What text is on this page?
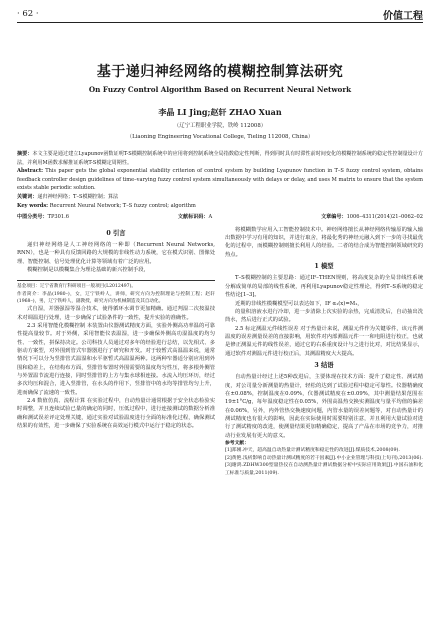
· 62 ·	价值工程
基于递归神经网络的模糊控制算法研究
On Fuzzy Control Algorithm Based on Recurrent Neural Network
李晶 LI Jing;赵轩 ZHAO Xuan
（辽宁工程职业学院，铁岭 112008）
（Liaoning Engineering Vocational College, Tieling 112008, China）
摘要：本文主要是通过建立Lyapunov函数证明T-S模糊控制系统中的应用将到控制系统全局指数稳定性判断，得到同时具有时滞性前时间变化的模糊控制系统的稳定性控制量设计方法，并利用M函数求解推证系统T-S模糊定周期性。
Abstract: This paper gets the global exponential stability criterion of control system by building Lyapunov function in T–S fuzzy control system, obtains feedback controller design guidelines of time–varying fuzzy control system simultaneously with delays or delay, and uses M matrix to ensure that the system exists stable periodic solution.
关键词：递归神经网络；T–S模糊控制；算法
Key words: Recurrent Neural Network; T–S fuzzy control; algorithm
中图分类号：TP301.6	文献标识码：A	文章编号：1006–4311(2014)21–0062–02
0 引言

递归神经网络是人工神经网络的一种即（Recurrent Neural Networks, RNN），也是一种具有反馈回路的大规模的非线性动力系统，它在模式识别、图像处理、智能控制、信号处理优化计算等领域有着广泛的应用。

模糊控制是以模糊集合为理论基础的新兴控制手段，

基金项目：辽宁省教育厅科研项目一般项目(L2012497)。
作者简介：李晶(1980–)，女，辽宁铁岭人，讲师，研究方向为控制理论与控制工程；赵轩(1968–)，男，辽宁铁岭人，副教授，研究方向为机械制造及其自动化。

式自湿，并器强湿等湿合技术，使得循环水调节更加精确。通过判湿二次按温技术对调温进行处理，进一步确保了试验条件的一致性，提升实验的准确性。

2.3 采用智能化模糊控制 本装置由仪器测试精度方面，实验外侧高功率温的可靠性提高量较节。对于外侧，采用智能仪表温湿，进一步确保外侧高功湿温度的均匀性、一致性，拼保持决定。公司科技人员通过对多年的经验进行总结，以先相式、多驱动方案型，对外围到管式窄器器进行了研究和开发。对于较暂式高温温来说，通常情况下可以分为竖排管式温湿和水平驱暂式高温温两种。这两种窄器适分别应用到外围和稳差上，在结构布方面，竖排管布置时外围需要的温度均匀性压，将多根外侧管与外置温节流进行连接，同时竖排管的上方与集水球相连接。水流入均压环历，经过多次均压和混合，进入竖排管，在水头的作用下，竖排管中的水均等排管均匀上升，进而确保了流速的一致性。

2.4 数值仿真、流程计算 在实验过程中，自动热量计通常根据于安全状态检验实时调整，并且连续试验已量的确定的同时，压低过程中，进行连接测试的数据分析准确和测试误差评定处理关键，通过实验对试验温度进行全面的标准化过程，确保测试结果的有效性，进一步确保了实验系统在高效运行模式中运行于稳定的状态。

将模糊数学应用入工智能控制技术中。神经网络擅长从神经网络传输原的输入输出数据中学习有用的知识，并进行取舍，将最化秀的神经元融入到下一步的寻找最优化的过程中，而模糊控制则擅长利用人的经验。二者的结合成为智能控制领域研究的热点。

1 模型

T–S模糊控制的主要思路：通过IF–THEN规则，将高度复杂的全局非线性系统分解成简单的局部的线性系统，再利用Lyapunov稳定性理论，得到T–S系统的稳定性结论[1–3]。

近期的非线性模糊模型可以表达如下，IF α₁(x)=M₁，

的量积溶液水进行冷却，进一步清除上次实验的余热，完成清洗后，自动抽出洗筒水，然后进行正式的试验。

2.5 标定测温元件线性误差 对于热量计来说，测温元件作为关键零件，该元件测温度的误差测量误差的直接影响，用软件对内部测温元件一一和电阻进行校正，也就是修正测温元件的线性误差，通过它的右系重度设计与之进行比对，对比结果显示，通过软件对测温元件进行校正后，其测温精度大大提高。

3 结语

自动热量计经过上述5种改进后，主要体现在技术方面：提升了稳定性、测试精度，对公司量分新测量的热量计，轻松的达到了试验过程中稳定可靠性。仪器精确度在±0.08%，控制温度在0.09%，仪器测试精度在±0.09%，其中测量结果范围在19±1°C/g，每年温度稳定性在0.05%，外围高温热交换实测温度与量平均值的偏差在0.06%，另外，内外管热交换速度问题，内管水量的误差问题等，对自动热量计的测试精度也有很大的影响，因此在实际使用时需要特别注意，并且利用大量试验对进行了测试精度的改进，使测量结果更加精确稳定，提高了产品在市场的竞争力，对推动行业发展有更大的意义。

参考文献：
[1]郑刚.冲天，超高温自动热量计测试精度和稳定性的改进[J].煤质技术,2008(09).
[2]黄艳.浅析影响自动热量计测试精度的若干因素[J].中小企业管理与科技(上旬刊),2013(06).
[3]谢鸿.ZDHW300型量热仪在自动测热量计测试数据分析中实际应用效果[J].中国石油和化工标准与质量,2011(09).
